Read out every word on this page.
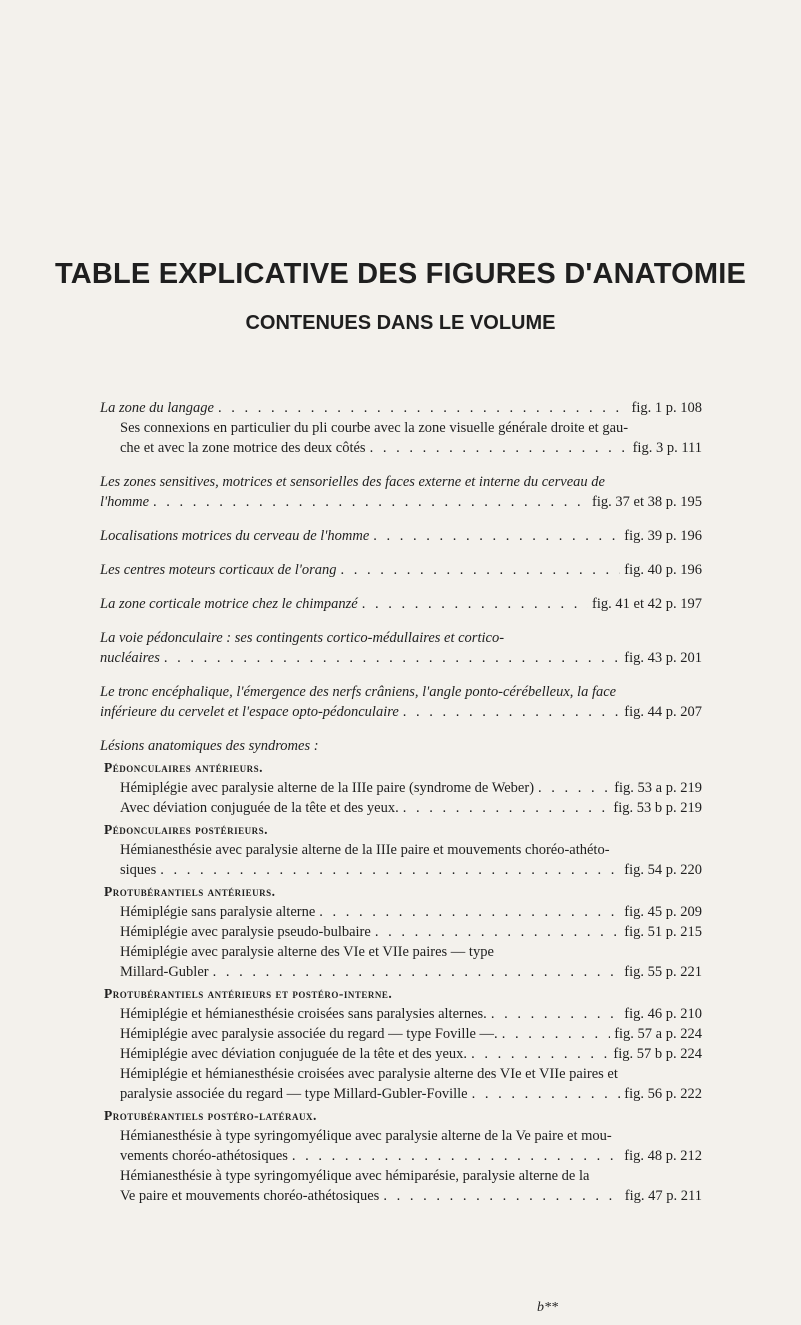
TABLE EXPLICATIVE DES FIGURES D'ANATOMIE
CONTENUES DANS LE VOLUME
La zone du langage . . .	fig. 1 p. 108
Ses connexions en particulier du pli courbe avec la zone visuelle générale droite et gau-
che et avec la zone motrice des deux côtés . . .	fig. 3 p. 111
Les zones sensitives, motrices et sensorielles des faces externe et interne du cerveau de
l'homme . . .	fig. 37 et 38 p. 195
Localisations motrices du cerveau de l'homme . . .	fig. 39 p. 196
Les centres moteurs corticaux de l'orang . . .	fig. 40 p. 196
La zone corticale motrice chez le chimpanzé . . .	fig. 41 et 42 p. 197
La voie pédonculaire : ses contingents cortico-médullaires et cortico-
nucléaires . . .	fig. 43 p. 201
Le tronc encéphalique, l'émergence des nerfs crâniens, l'angle ponto-cérébelleux, la face
inférieure du cervelet et l'espace opto-pédonculaire . . .	fig. 44 p. 207
Lésions anatomiques des syndromes :
Pédonculaires antérieurs.
Hémiplégie avec paralysie alterne de la IIIe paire (syndrome de Weber) . . .	fig. 53 a p. 219
Avec déviation conjuguée de la tête et des yeux. . . .	fig. 53 b p. 219
Pédonculaires postérieurs.
Hémianesthésie avec paralysie alterne de la IIIe paire et mouvements choréo-athéto-
siques . . .	fig. 54 p. 220
Protubérantiels antérieurs.
Hémiplégie sans paralysie alterne . . .	fig. 45 p. 209
Hémiplégie avec paralysie pseudo-bulbaire . . .	fig. 51 p. 215
Hémiplégie avec paralysie alterne des VIe et VIIe paires — type
Millard-Gubler . . .	fig. 55 p. 221
Protubérantiels antérieurs et postéro-interne.
Hémiplégie et hémianesthésie croisées sans paralysies alternes. . . .	fig. 46 p. 210
Hémiplégie avec paralysie associée du regard — type Foville —. . . .	fig. 57 a p. 224
Hémiplégie avec déviation conjuguée de la tête et des yeux. . . .	fig. 57 b p. 224
Hémiplégie et hémianesthésie croisées avec paralysie alterne des VIe et VIIe paires et
paralysie associée du regard — type Millard-Gubler-Foville . . .	fig. 56 p. 222
Protubérantiels postéro-latéraux.
Hémianesthésie à type syringomyélique avec paralysie alterne de la Ve paire et mou-
vements choréo-athétosiques . . .	fig. 48 p. 212
Hémianesthésie à type syringomyélique avec hémiparésie, paralysie alterne de la
Ve paire et mouvements choréo-athétosiques . . .	fig. 47 p. 211
b**
